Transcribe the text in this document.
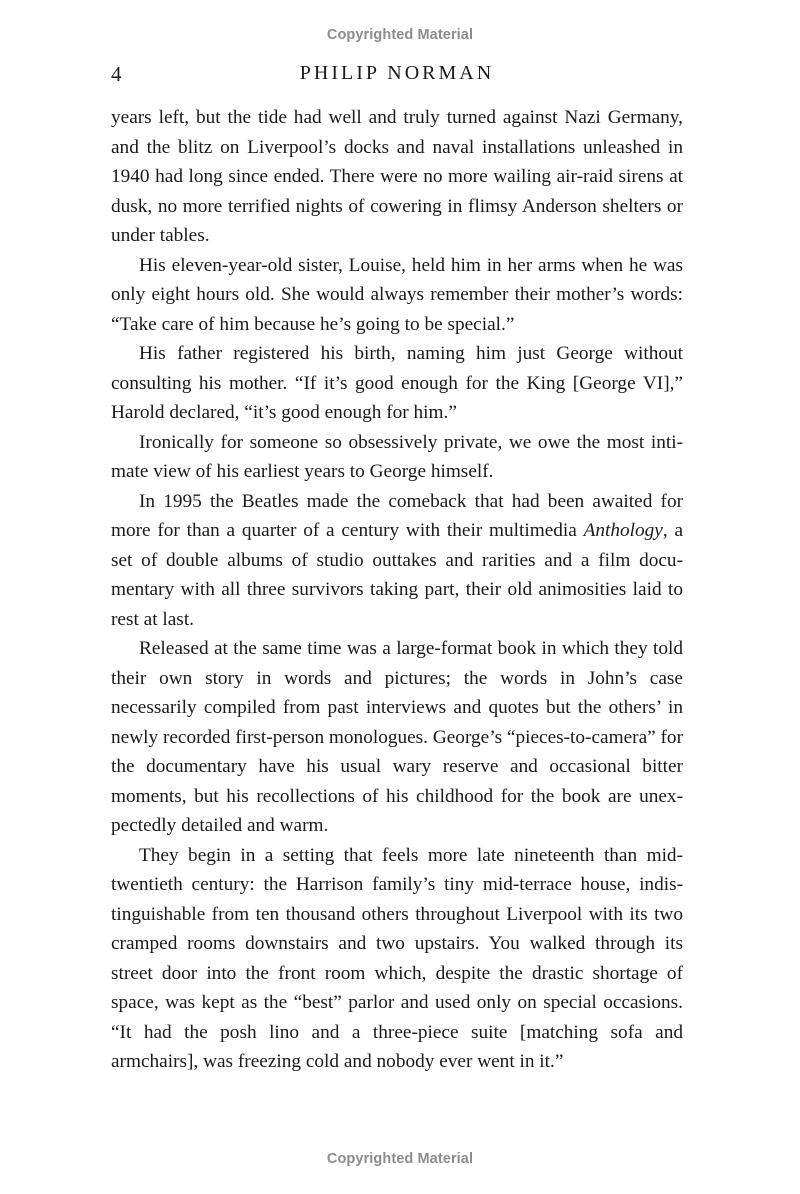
Copyrighted Material
4	PHILIP NORMAN

years left, but the tide had well and truly turned against Nazi Germany, and the blitz on Liverpool’s docks and naval installations unleashed in 1940 had long since ended. There were no more wailing air-raid sirens at dusk, no more terrified nights of cowering in flimsy Anderson shelters or under tables.

His eleven-year-old sister, Louise, held him in her arms when he was only eight hours old. She would always remember their mother’s words: “Take care of him because he’s going to be special.”

His father registered his birth, naming him just George without consulting his mother. “If it’s good enough for the King [George VI],” Harold declared, “it’s good enough for him.”

Ironically for someone so obsessively private, we owe the most intimate view of his earliest years to George himself.

In 1995 the Beatles made the comeback that had been awaited for more for than a quarter of a century with their multimedia Anthology, a set of double albums of studio outtakes and rarities and a film documentary with all three survivors taking part, their old animosities laid to rest at last.

Released at the same time was a large-format book in which they told their own story in words and pictures; the words in John’s case necessarily compiled from past interviews and quotes but the others’ in newly recorded first-person monologues. George’s “pieces-to-camera” for the documentary have his usual wary reserve and occasional bitter moments, but his recollections of his childhood for the book are unexpectedly detailed and warm.

They begin in a setting that feels more late nineteenth than mid-twentieth century: the Harrison family’s tiny mid-terrace house, indistinguishable from ten thousand others throughout Liverpool with its two cramped rooms downstairs and two upstairs. You walked through its street door into the front room which, despite the drastic shortage of space, was kept as the “best” parlor and used only on special occasions. “It had the posh lino and a three-piece suite [matching sofa and armchairs], was freezing cold and nobody ever went in it.”

Copyrighted Material
